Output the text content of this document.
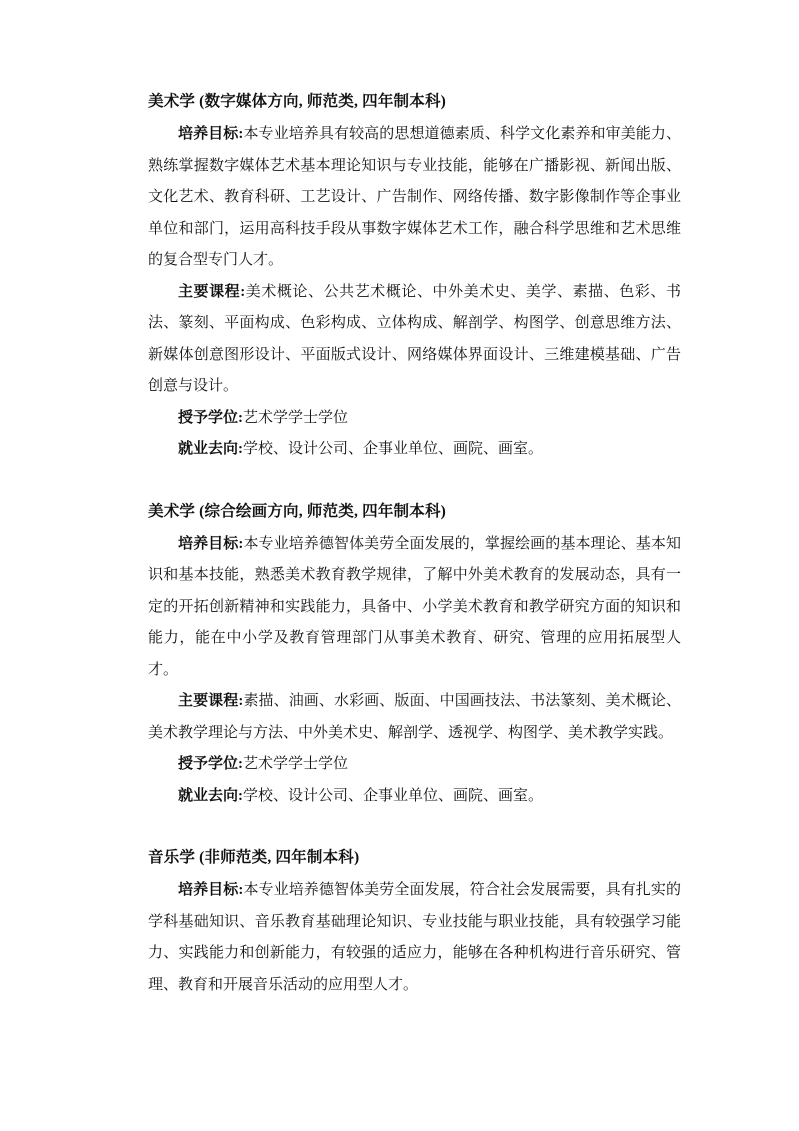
美术学 (数字媒体方向, 师范类, 四年制本科)

培养目标:本专业培养具有较高的思想道德素质、科学文化素养和审美能力、熟练掌握数字媒体艺术基本理论知识与专业技能，能够在广播影视、新闻出版、文化艺术、教育科研、工艺设计、广告制作、网络传播、数字影像制作等企事业单位和部门，运用高科技手段从事数字媒体艺术工作，融合科学思维和艺术思维的复合型专门人才。

主要课程:美术概论、公共艺术概论、中外美术史、美学、素描、色彩、书法、篆刻、平面构成、色彩构成、立体构成、解剖学、构图学、创意思维方法、新媒体创意图形设计、平面版式设计、网络媒体界面设计、三维建模基础、广告创意与设计。

授予学位:艺术学学士学位

就业去向:学校、设计公司、企事业单位、画院、画室。

美术学 (综合绘画方向, 师范类, 四年制本科)

培养目标:本专业培养德智体美劳全面发展的，掌握绘画的基本理论、基本知识和基本技能，熟悉美术教育教学规律，了解中外美术教育的发展动态，具有一定的开拓创新精神和实践能力，具备中、小学美术教育和教学研究方面的知识和能力，能在中小学及教育管理部门从事美术教育、研究、管理的应用拓展型人才。

主要课程:素描、油画、水彩画、版面、中国画技法、书法篆刻、美术概论、美术教学理论与方法、中外美术史、解剖学、透视学、构图学、美术教学实践。

授予学位:艺术学学士学位

就业去向:学校、设计公司、企事业单位、画院、画室。

音乐学 (非师范类, 四年制本科)

培养目标:本专业培养德智体美劳全面发展，符合社会发展需要，具有扎实的学科基础知识、音乐教育基础理论知识、专业技能与职业技能，具有较强学习能力、实践能力和创新能力，有较强的适应力，能够在各种机构进行音乐研究、管理、教育和开展音乐活动的应用型人才。
